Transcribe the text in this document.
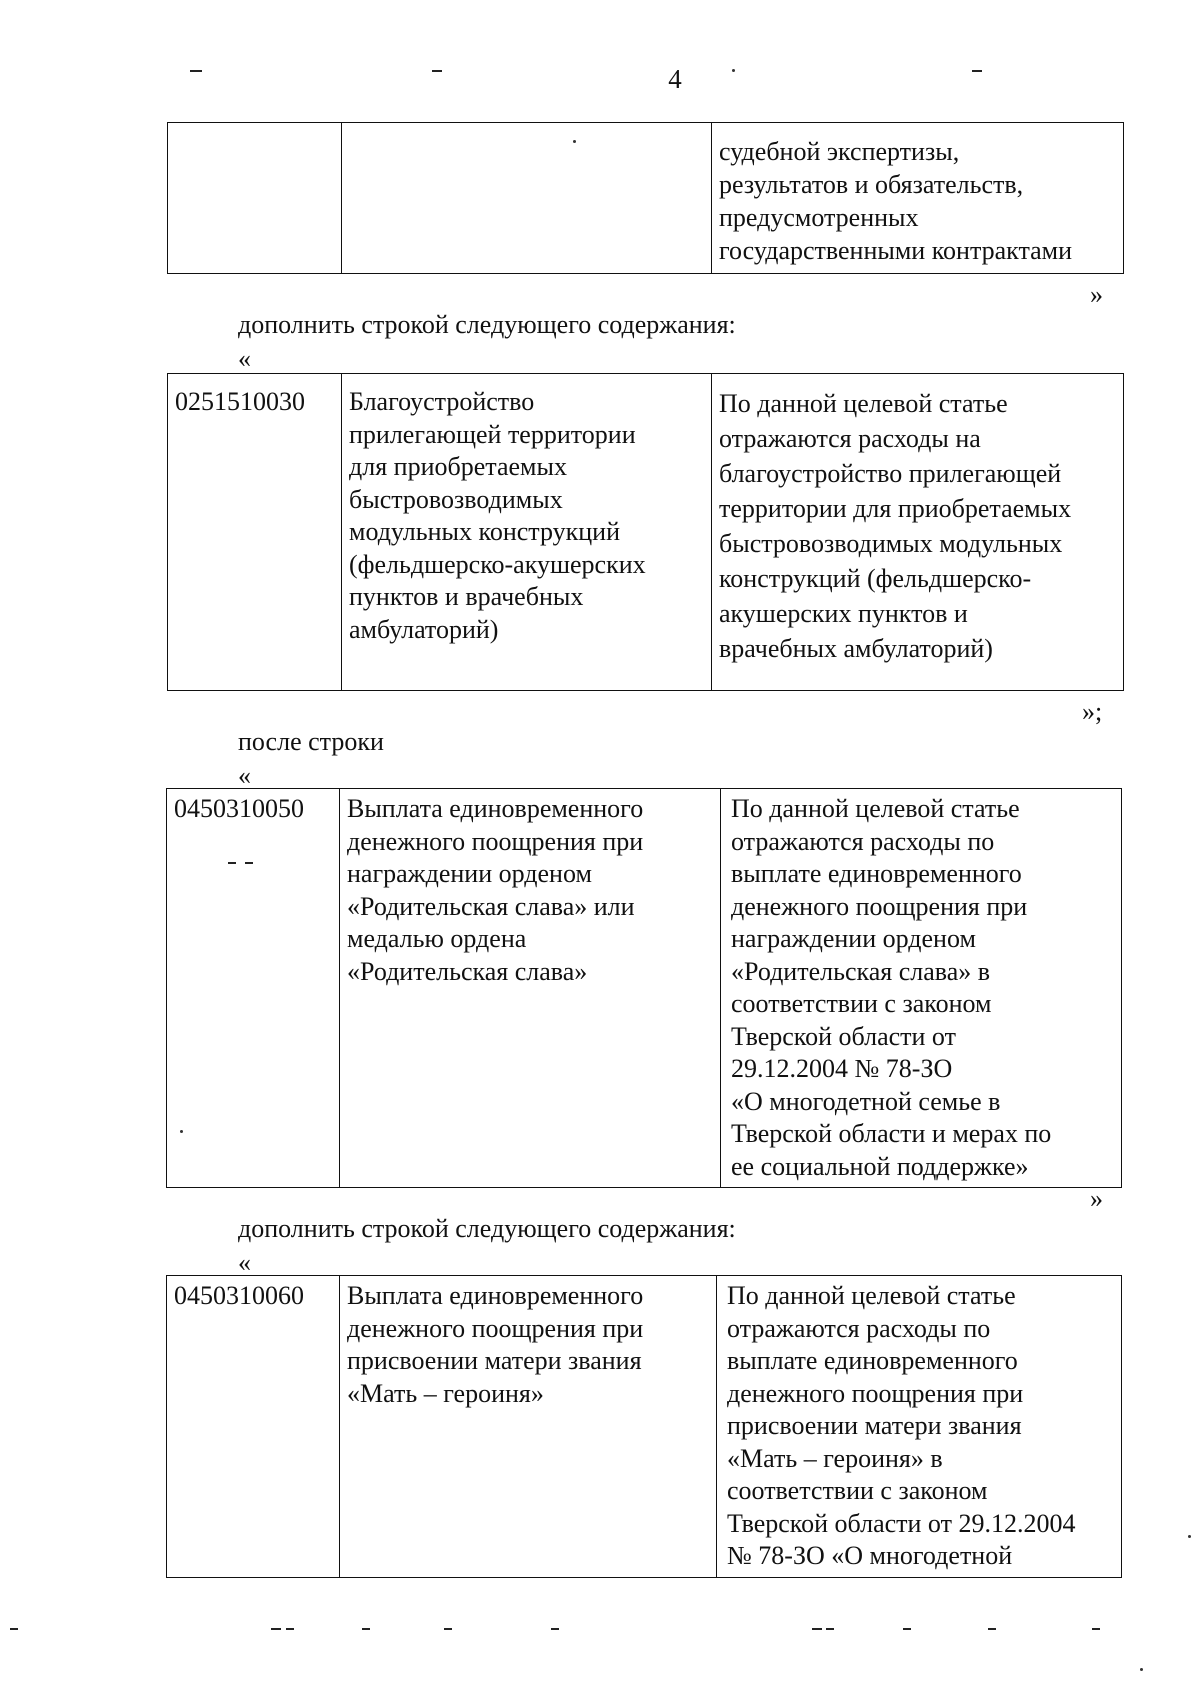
4

судебной экспертизы,
результатов и обязательств,
предусмотренных
государственными контрактами
»
дополнить строкой следующего содержания:
«
0251510030	Благоустройство
прилегающей территории
для приобретаемых
быстровозводимых
модульных конструкций
(фельдшерско-акушерских
пунктов и врачебных
амбулаторий)

По данной целевой статье
отражаются расходы на
благоустройство прилегающей
территории для приобретаемых
быстровозводимых модульных
конструкций (фельдшерско-
акушерских пунктов и
врачебных амбулаторий)
»;
после строки
«
0450310050	Выплата единовременного
денежного поощрения при
награждении орденом
«Родительская слава» или
медалью ордена
«Родительская слава»

По данной целевой статье
отражаются расходы по
выплате единовременного
денежного поощрения при
награждении орденом
«Родительская слава» в
соответствии с законом
Тверской области от
29.12.2004 № 78-ЗО
«О многодетной семье в
Тверской области и мерах по
ее социальной поддержке»
»
дополнить строкой следующего содержания:
«
0450310060	Выплата единовременного
денежного поощрения при
присвоении матери звания
«Мать – героиня»

По данной целевой статье
отражаются расходы по
выплате единовременного
денежного поощрения при
присвоении матери звания
«Мать – героиня» в
соответствии с законом
Тверской области от 29.12.2004
№ 78-ЗО «О многодетной
